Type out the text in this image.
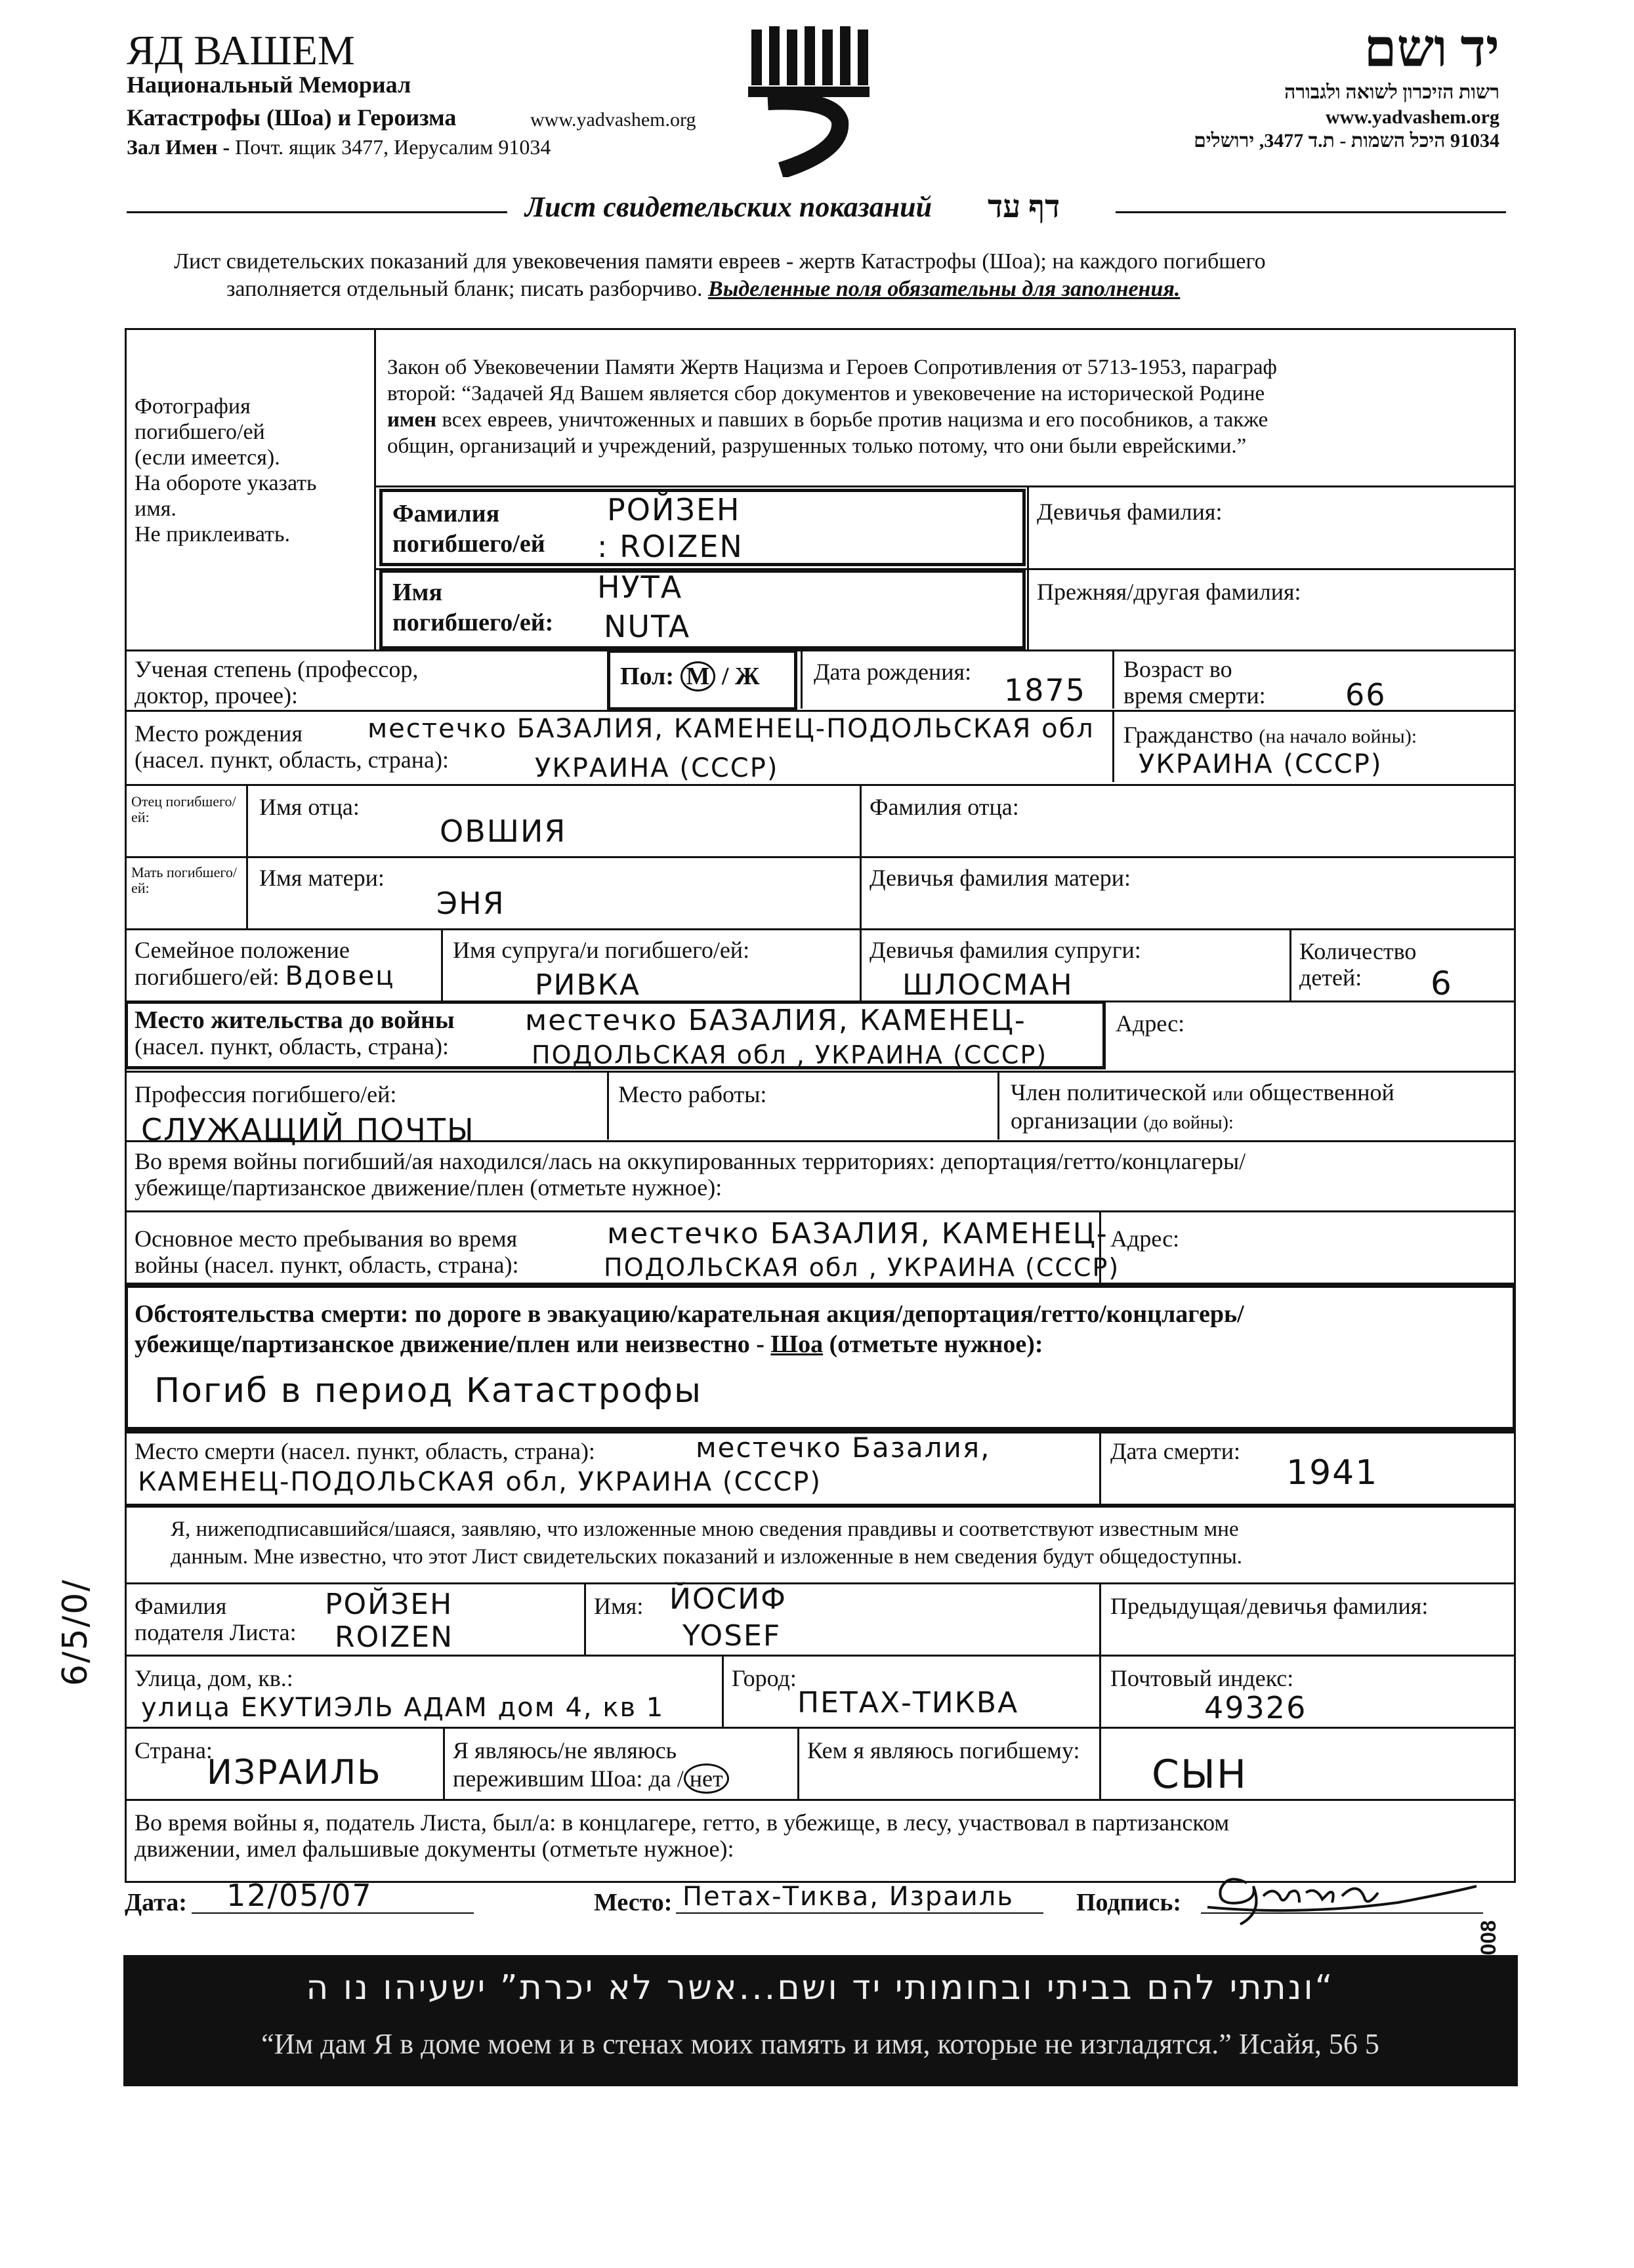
ЯД ВАШЕМ
Национальный Мемориал
Катастрофы (Шоа) и Героизма	www.yadvashem.org
Зал Имен - Почт. ящик 3477, Иерусалим 91034
יד ושם
רשות הזיכרון לשואה ולגבורה
www.yadvashem.org
91034 היכל השמות - ת.ד 3477, ירושלים
Лист свидетельских показаний דף עד
Лист свидетельских показаний для увековечения памяти евреев - жертв Катастрофы (Шоа); на каждого погибшего
заполняется отдельный бланк; писать разборчиво. Выделенные поля обязательны для заполнения.
Фотография
погибшего/ей
(если имеется).
На обороте указать
имя.
Не приклеивать.
Закон об Увековечении Памяти Жертв Нацизма и Героев Сопротивления от 5713-1953, параграф
второй: “Задачей Яд Вашем является сбор документов и увековечение на исторической Родине
имен всех евреев, уничтоженных и павших в борьбе против нацизма и его пособников, а также
общин, организаций и учреждений, разрушенных только потому, что они были еврейскими.”
Фамилия
погибшего/ей
РОЙЗЕН
: ROIZEN
Девичья фамилия:
Имя
погибшего/ей:
НУТА
NUTA
Прежняя/другая фамилия:
Ученая степень (профессор,
доктор, прочее):
Пол: М / Ж Дата рождения:
1875
Возраст во
время смерти:	66
Место рождения
(насел. пункт, область, страна):
местечко БАЗАЛИЯ, КАМЕНЕЦ-ПОДОЛЬСКАЯ обл
УКРАИНА (СССР)
Гражданство (на начало войны):
УКРАИНА (СССР)
Отец погибшего/ей:	Имя отца:
ОВШИЯ
Фамилия отца:
Мать погибшего/ей:	Имя матери:
ЭНЯ
Девичья фамилия матери:
Семейное положение
погибшего/ей: Вдовец
Имя супруга/и погибшего/ей:
РИВКА
Девичья фамилия супруги:
ШЛОСМАН
Количество
детей:	6
Место жительства до войны
(насел. пункт, область, страна):
местечко БАЗАЛИЯ, КАМЕНЕЦ-
ПОДОЛЬСКАЯ обл , УКРАИНА (СССР)
Адрес:
Профессия погибшего/ей:
СЛУЖАЩИЙ ПОЧТЫ
Место работы:	Член политической или общественной
организации (до войны):
Во время войны погибший/ая находился/лась на оккупированных территориях: депортация/гетто/концлагеры/
убежище/партизанское движение/плен (отметьте нужное):
Основное место пребывания во время
войны (насел. пункт, область, страна):
местечко БАЗАЛИЯ, КАМЕНЕЦ-
ПОДОЛЬСКАЯ обл , УКРАИНА (СССР)
Адрес:
Обстоятельства смерти: по дороге в эвакуацию/карательная акция/депортация/гетто/концлагерь/
убежище/партизанское движение/плен или неизвестно - Шоа (отметьте нужное):
Погиб в период Катастрофы
Место смерти (насел. пункт, область, страна):	местечко Базалия,
КАМЕНЕЦ-ПОДОЛЬСКАЯ обл, УКРАИНА (СССР)
Дата смерти:
1941
Я, нижеподписавшийся/шаяся, заявляю, что изложенные мною сведения правдивы и соответствуют известным мне
данным. Мне известно, что этот Лист свидетельских показаний и изложенные в нем сведения будут общедоступны.
Фамилия
подателя Листа:
РОЙЗЕН
ROIZEN
Имя: ЙОСИФ
YOSEF
Предыдущая/девичья фамилия:
Улица, дом, кв.:
улица ЕКУТИЭЛЬ АДАМ дом 4, кв 1
Город:
ПЕТАХ-ТИКВА
Почтовый индекс:
49326
Страна:
ИЗРАИЛЬ
Я являюсь/не являюсь
пережившим Шоа: да / нет
Кем я являюсь погибшему:
СЫН
Во время войны я, податель Листа, был/а: в концлагере, гетто, в убежище, в лесу, участвовал в партизанском
движении, имел фальшивые документы (отметьте нужное):
Дата: 12/05/07	Место: Петах-Тиква, Израиль	Подпись:
“ונתתי להם בביתי ובחומותי יד ושם...אשר לא יכרת” ישעיהו נו ה
“Им дам Я в доме моем и в стенах моих память и имя, которые не изгладятся.” Исайя, 56 5
2007-2008
6/5/0/
